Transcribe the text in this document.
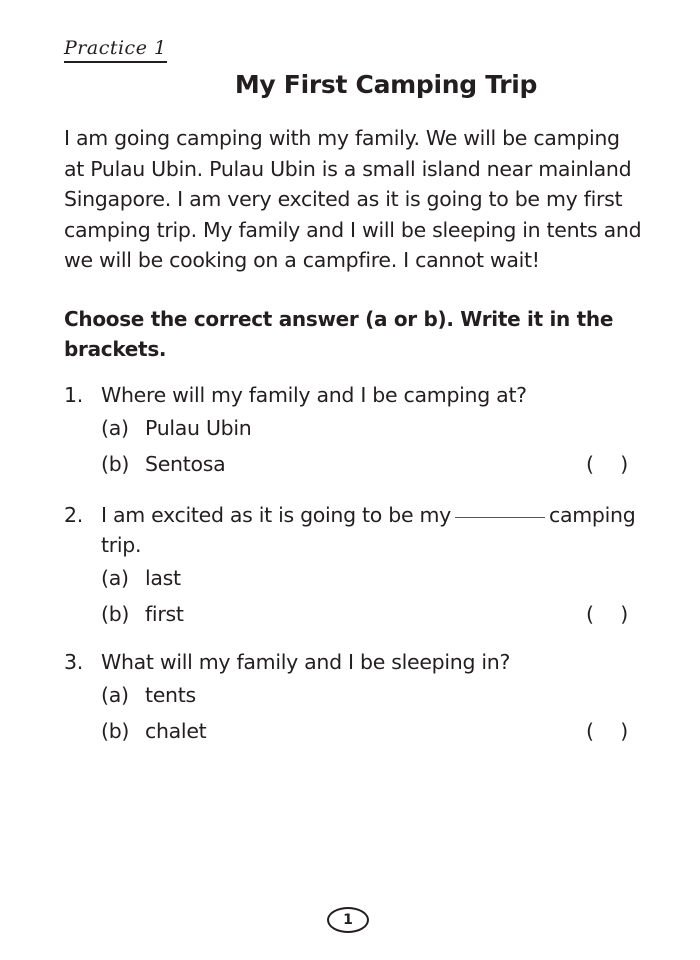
Practice 1
My First Camping Trip
I am going camping with my family. We will be camping at Pulau Ubin. Pulau Ubin is a small island near mainland Singapore. I am very excited as it is going to be my first camping trip. My family and I will be sleeping in tents and we will be cooking on a campfire. I cannot wait!
Choose the correct answer (a or b). Write it in the brackets.
1. Where will my family and I be camping at?
(a) Pulau Ubin
(b) Sentosa	( )
2. I am excited as it is going to be my	camping
trip.
(a) last
(b) first	( )
3. What will my family and I be sleeping in?
(a) tents
(b) chalet	( )
1
